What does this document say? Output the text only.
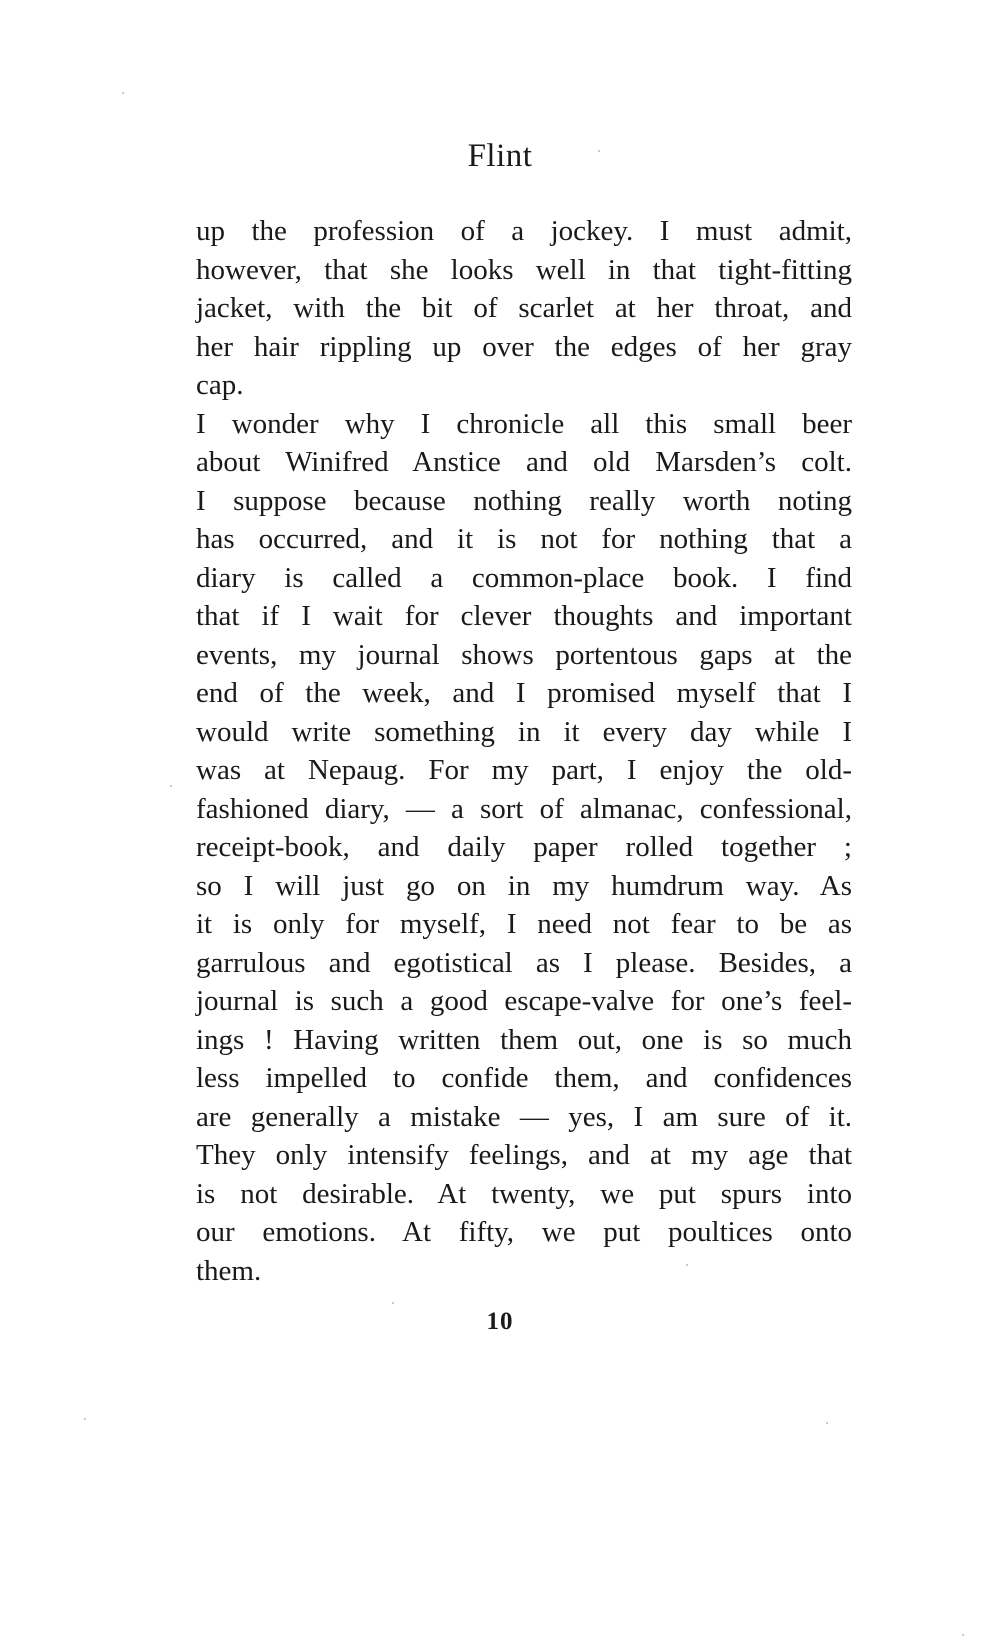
Flint
up the profession of a jockey. I must admit,
however, that she looks well in that tight-fitting
jacket, with the bit of scarlet at her throat, and
her hair rippling up over the edges of her gray
cap.
I wonder why I chronicle all this small beer
about Winifred Anstice and old Marsden’s colt.
I suppose because nothing really worth noting
has occurred, and it is not for nothing that a
diary is called a common-place book. I find
that if I wait for clever thoughts and important
events, my journal shows portentous gaps at the
end of the week, and I promised myself that I
would write something in it every day while I
was at Nepaug. For my part, I enjoy the old-
fashioned diary, — a sort of almanac, confessional,
receipt-book, and daily paper rolled together ;
so I will just go on in my humdrum way. As
it is only for myself, I need not fear to be as
garrulous and egotistical as I please. Besides, a
journal is such a good escape-valve for one’s feel-
ings ! Having written them out, one is so much
less impelled to confide them, and confidences
are generally a mistake — yes, I am sure of it.
They only intensify feelings, and at my age that
is not desirable. At twenty, we put spurs into
our emotions. At fifty, we put poultices onto
them.
10
